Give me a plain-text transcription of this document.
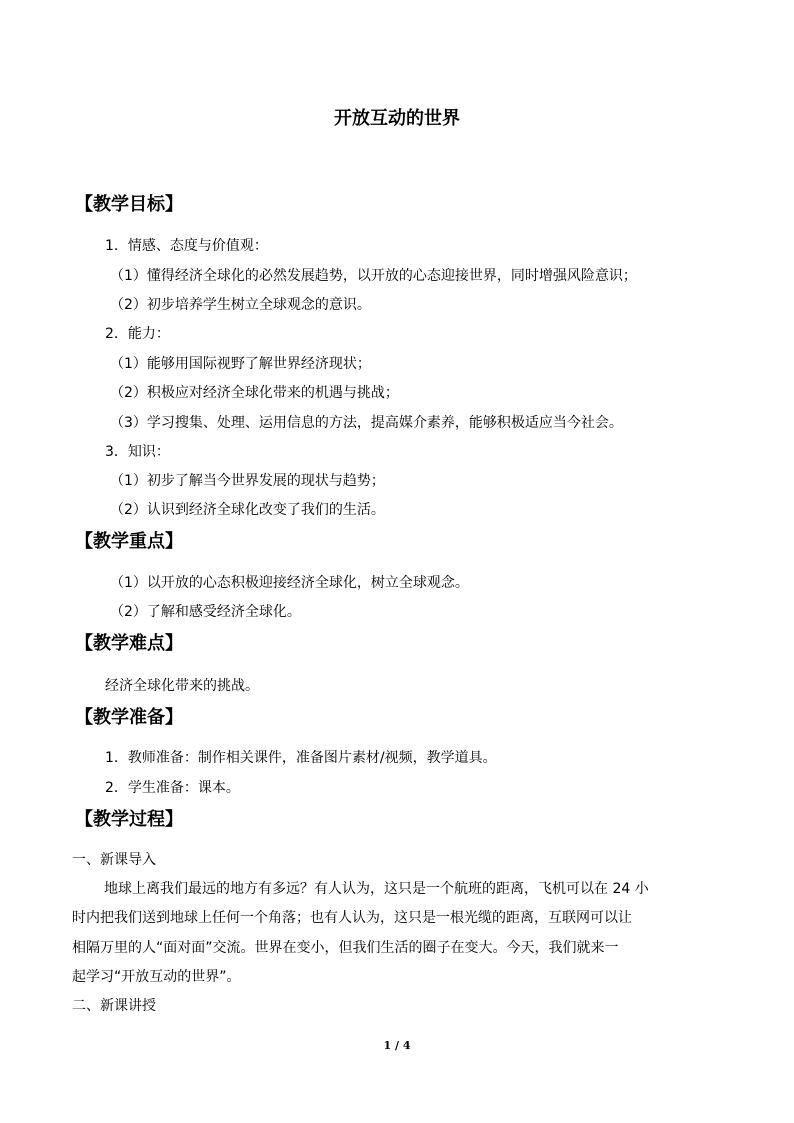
开放互动的世界
【教学目标】
1．情感、态度与价值观：
（1）懂得经济全球化的必然发展趋势，以开放的心态迎接世界，同时增强风险意识；
（2）初步培养学生树立全球观念的意识。
2．能力：
（1）能够用国际视野了解世界经济现状；
（2）积极应对经济全球化带来的机遇与挑战；
（3）学习搜集、处理、运用信息的方法，提高媒介素养，能够积极适应当今社会。
3．知识：
（1）初步了解当今世界发展的现状与趋势；
（2）认识到经济全球化改变了我们的生活。
【教学重点】
（1）以开放的心态积极迎接经济全球化，树立全球观念。
（2）了解和感受经济全球化。
【教学难点】
经济全球化带来的挑战。
【教学准备】
1．教师准备：制作相关课件，准备图片素材/视频，教学道具。
2．学生准备：课本。
【教学过程】
一、新课导入
地球上离我们最远的地方有多远？有人认为，这只是一个航班的距离，飞机可以在 24 小
时内把我们送到地球上任何一个角落；也有人认为，这只是一根光缆的距离，互联网可以让
相隔万里的人“面对面”交流。世界在变小，但我们生活的圈子在变大。今天，我们就来一
起学习“开放互动的世界”。
二、新课讲授
1 / 4
